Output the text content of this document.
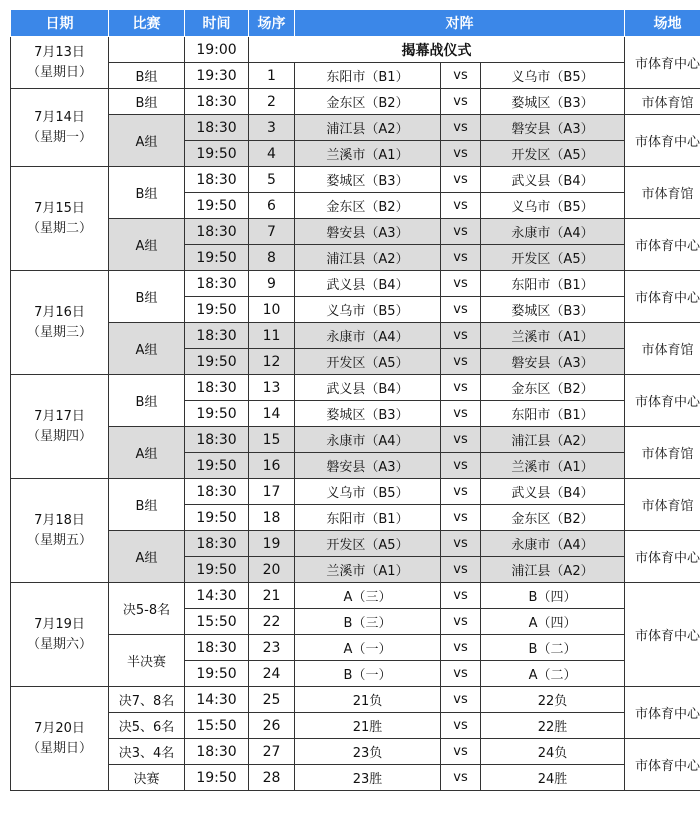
日期	比赛	时间	场序	对阵			场地

7月13日
（星期日）		19:00	揭幕战仪式				市体育中心
	B组	19:30	1	东阳市（B1）	vs	义乌市（B5）	

7月14日
（星期一）	B组	18:30	2	金东区（B2）	vs	婺城区（B3）	市体育馆
	A组	18:30	3	浦江县（A2）	vs	磐安县（A3）	市体育中心
		19:50	4	兰溪市（A1）	vs	开发区（A5）	

7月15日
（星期二）	B组	18:30	5	婺城区（B3）	vs	武义县（B4）	市体育馆
		19:50	6	金东区（B2）	vs	义乌市（B5）	
	A组	18:30	7	磐安县（A3）	vs	永康市（A4）	市体育中心
		19:50	8	浦江县（A2）	vs	开发区（A5）	

7月16日
（星期三）	B组	18:30	9	武义县（B4）	vs	东阳市（B1）	市体育中心
		19:50	10	义乌市（B5）	vs	婺城区（B3）	
	A组	18:30	11	永康市（A4）	vs	兰溪市（A1）	市体育馆
		19:50	12	开发区（A5）	vs	磐安县（A3）	

7月17日
（星期四）	B组	18:30	13	武义县（B4）	vs	金东区（B2）	市体育中心
		19:50	14	婺城区（B3）	vs	东阳市（B1）	
	A组	18:30	15	永康市（A4）	vs	浦江县（A2）	市体育馆
		19:50	16	磐安县（A3）	vs	兰溪市（A1）	

7月18日
（星期五）	B组	18:30	17	义乌市（B5）	vs	武义县（B4）	市体育馆
		19:50	18	东阳市（B1）	vs	金东区（B2）	
	A组	18:30	19	开发区（A5）	vs	永康市（A4）	市体育中心
		19:50	20	兰溪市（A1）	vs	浦江县（A2）	

7月19日
（星期六）	决5-8名	14:30	21	A（三）	vs	B（四）	市体育中心
		15:50	22	B（三）	vs	A（四）	
	半决赛	18:30	23	A（一）	vs	B（二）	
		19:50	24	B（一）	vs	A（二）	

7月20日
（星期日）	决7、8名	14:30	25	21负	vs	22负	市体育中心
	决5、6名	15:50	26	21胜	vs	22胜	
	决3、4名	18:30	27	23负	vs	24负	市体育中心
	决赛	19:50	28	23胜	vs	24胜	
